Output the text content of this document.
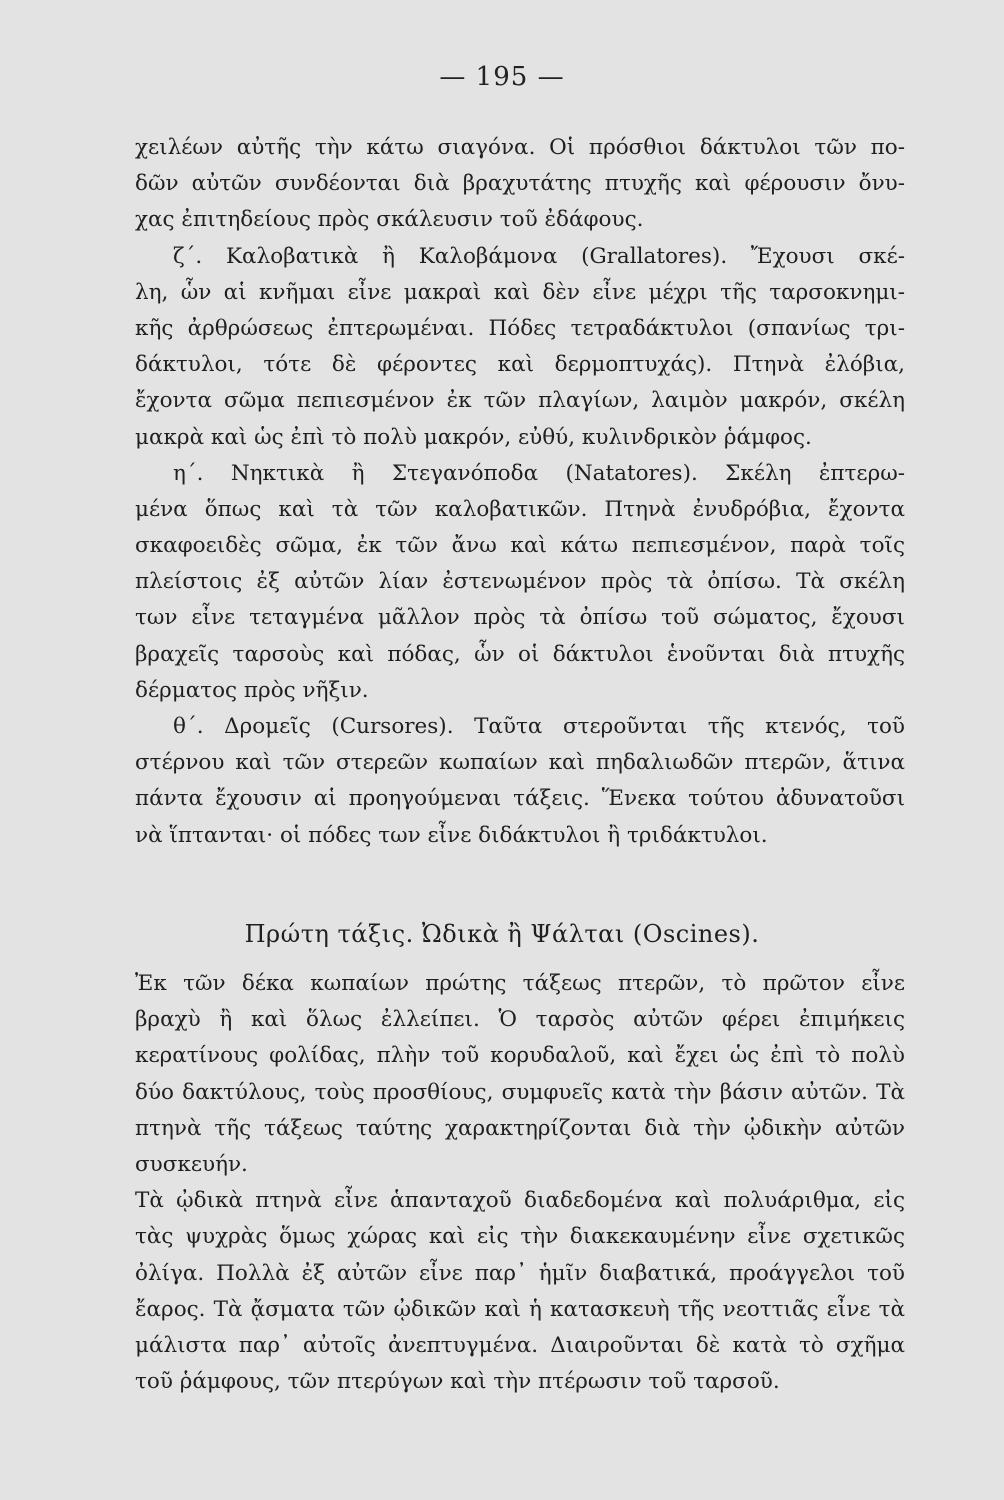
— 195 —
χειλέων αὐτῆς τὴν κάτω σιαγόνα. Οἱ πρόσθιοι δάκτυλοι τῶν πο-
δῶν αὐτῶν συνδέονται διὰ βραχυτάτης πτυχῆς καὶ φέρουσιν ὄνυ-
χας ἐπιτηδείους πρὸς σκάλευσιν τοῦ ἐδάφους.
ζ΄. Καλοβατικὰ ἢ Καλοβάμονα (Grallatores). Ἔχουσι σκέ-
λη, ὧν αἱ κνῆμαι εἶνε μακραὶ καὶ δὲν εἶνε μέχρι τῆς ταρσοκνημι-
κῆς ἀρθρώσεως ἐπτερωμέναι. Πόδες τετραδάκτυλοι (σπανίως τρι-
δάκτυλοι, τότε δὲ φέροντες καὶ δερμοπτυχάς). Πτηνὰ ἐλόβια,
ἔχοντα σῶμα πεπιεσμένον ἐκ τῶν πλαγίων, λαιμὸν μακρόν, σκέλη
μακρὰ καὶ ὡς ἐπὶ τὸ πολὺ μακρόν, εὐθύ, κυλινδρικὸν ῥάμφος.
η΄. Νηκτικὰ ἢ Στεγανόποδα (Natatores). Σκέλη ἐπτερω-
μένα ὅπως καὶ τὰ τῶν καλοβατικῶν. Πτηνὰ ἐνυδρόβια, ἔχοντα
σκαφοειδὲς σῶμα, ἐκ τῶν ἄνω καὶ κάτω πεπιεσμένον, παρὰ τοῖς
πλείστοις ἐξ αὐτῶν λίαν ἐστενωμένον πρὸς τὰ ὀπίσω. Τὰ σκέλη
των εἶνε τεταγμένα μᾶλλον πρὸς τὰ ὀπίσω τοῦ σώματος, ἔχουσι
βραχεῖς ταρσοὺς καὶ πόδας, ὧν οἱ δάκτυλοι ἑνοῦνται διὰ πτυχῆς
δέρματος πρὸς νῆξιν.
θ΄. Δρομεῖς (Cursores). Ταῦτα στεροῦνται τῆς κτενός, τοῦ
στέρνου καὶ τῶν στερεῶν κωπαίων καὶ πηδαλιωδῶν πτερῶν, ἅτινα
πάντα ἔχουσιν αἱ προηγούμεναι τάξεις. Ἕνεκα τούτου ἀδυνατοῦσι
νὰ ἵπτανται· οἱ πόδες των εἶνε διδάκτυλοι ἢ τριδάκτυλοι.
Πρώτη τάξις. Ὠδικὰ ἢ Ψάλται (Oscines).
Ἐκ τῶν δέκα κωπαίων πρώτης τάξεως πτερῶν, τὸ πρῶτον εἶνε
βραχὺ ἢ καὶ ὅλως ἐλλείπει. Ὁ ταρσὸς αὐτῶν φέρει ἐπιμήκεις
κερατίνους φολίδας, πλὴν τοῦ κορυδαλοῦ, καὶ ἔχει ὡς ἐπὶ τὸ πολὺ
δύο δακτύλους, τοὺς προσθίους, συμφυεῖς κατὰ τὴν βάσιν αὐτῶν. Τὰ
πτηνὰ τῆς τάξεως ταύτης χαρακτηρίζονται διὰ τὴν ᾠδικὴν αὐτῶν
συσκευήν.
Τὰ ᾠδικὰ πτηνὰ εἶνε ἁπανταχοῦ διαδεδομένα καὶ πολυάριθμα, εἰς
τὰς ψυχρὰς ὅμως χώρας καὶ εἰς τὴν διακεκαυμένην εἶνε σχετικῶς
ὀλίγα. Πολλὰ ἐξ αὐτῶν εἶνε παρ᾽ ἡμῖν διαβατικά, προάγγελοι τοῦ
ἔαρος. Τὰ ᾄσματα τῶν ᾠδικῶν καὶ ἡ κατασκευὴ τῆς νεοττιᾶς εἶνε τὰ
μάλιστα παρ᾽ αὐτοῖς ἀνεπτυγμένα. Διαιροῦνται δὲ κατὰ τὸ σχῆμα
τοῦ ῥάμφους, τῶν πτερύγων καὶ τὴν πτέρωσιν τοῦ ταρσοῦ.
